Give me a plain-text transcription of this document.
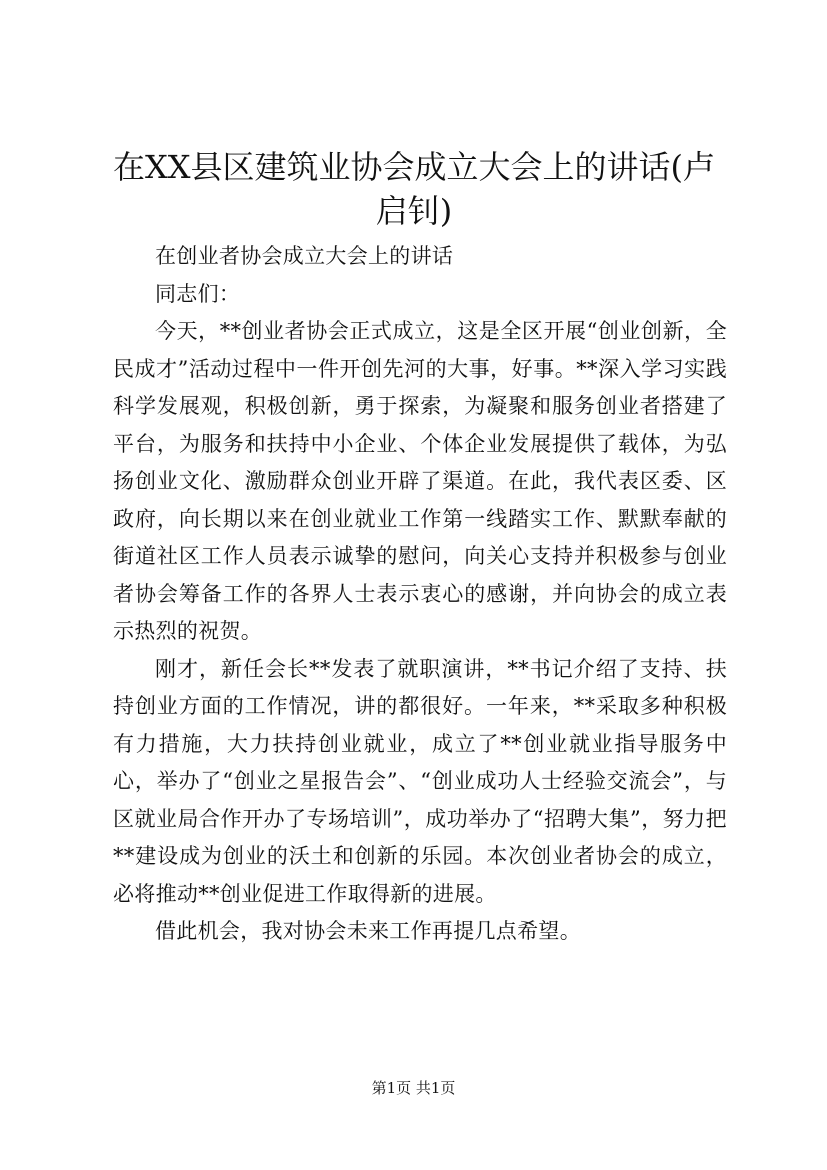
在XX县区建筑业协会成立大会上的讲话(卢启钊)

在创业者协会成立大会上的讲话

同志们：

今天，**创业者协会正式成立，这是全区开展“创业创新，全民成才”活动过程中一件开创先河的大事，好事。**深入学习实践科学发展观，积极创新，勇于探索，为凝聚和服务创业者搭建了平台，为服务和扶持中小企业、个体企业发展提供了载体，为弘扬创业文化、激励群众创业开辟了渠道。在此，我代表区委、区政府，向长期以来在创业就业工作第一线踏实工作、默默奉献的街道社区工作人员表示诚挚的慰问，向关心支持并积极参与创业者协会筹备工作的各界人士表示衷心的感谢，并向协会的成立表示热烈的祝贺。

刚才，新任会长**发表了就职演讲，**书记介绍了支持、扶持创业方面的工作情况，讲的都很好。一年来，**采取多种积极有力措施，大力扶持创业就业，成立了**创业就业指导服务中心，举办了“创业之星报告会”、“创业成功人士经验交流会”，与区就业局合作开办了专场培训”，成功举办了“招聘大集”，努力把**建设成为创业的沃土和创新的乐园。本次创业者协会的成立，必将推动**创业促进工作取得新的进展。

借此机会，我对协会未来工作再提几点希望。

第1页 共1页
